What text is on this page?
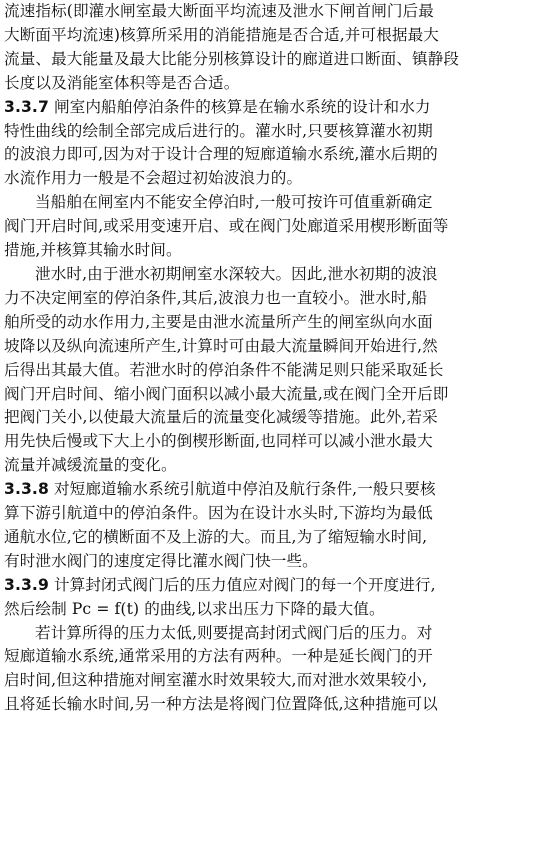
流速指标(即灌水闸室最大断面平均流速及泄水下闸首闸门后最
大断面平均流速)核算所采用的消能措施是否合适,并可根据最大
流量、最大能量及最大比能分别核算设计的廊道进口断面、镇静段
长度以及消能室体积等是否合适。
3.3.7 闸室内船舶停泊条件的核算是在输水系统的设计和水力
特性曲线的绘制全部完成后进行的。灌水时,只要核算灌水初期
的波浪力即可,因为对于设计合理的短廊道输水系统,灌水后期的
水流作用力一般是不会超过初始波浪力的。
当船舶在闸室内不能安全停泊时,一般可按许可值重新确定
阀门开启时间,或采用变速开启、或在阀门处廊道采用楔形断面等
措施,并核算其输水时间。
泄水时,由于泄水初期闸室水深较大。因此,泄水初期的波浪
力不决定闸室的停泊条件,其后,波浪力也一直较小。泄水时,船
舶所受的动水作用力,主要是由泄水流量所产生的闸室纵向水面
坡降以及纵向流速所产生,计算时可由最大流量瞬间开始进行,然
后得出其最大值。若泄水时的停泊条件不能满足则只能采取延长
阀门开启时间、缩小阀门面积以减小最大流量,或在阀门全开后即
把阀门关小,以使最大流量后的流量变化减缓等措施。此外,若采
用先快后慢或下大上小的倒楔形断面,也同样可以减小泄水最大
流量并减缓流量的变化。
3.3.8 对短廊道输水系统引航道中停泊及航行条件,一般只要核
算下游引航道中的停泊条件。因为在设计水头时,下游均为最低
通航水位,它的横断面不及上游的大。而且,为了缩短输水时间,
有时泄水阀门的速度定得比灌水阀门快一些。
3.3.9 计算封闭式阀门后的压力值应对阀门的每一个开度进行,
然后绘制 Pc = f(t) 的曲线,以求出压力下降的最大值。
若计算所得的压力太低,则要提高封闭式阀门后的压力。对
短廊道输水系统,通常采用的方法有两种。一种是延长阀门的开
启时间,但这种措施对闸室灌水时效果较大,而对泄水效果较小,
且将延长输水时间,另一种方法是将阀门位置降低,这种措施可以
